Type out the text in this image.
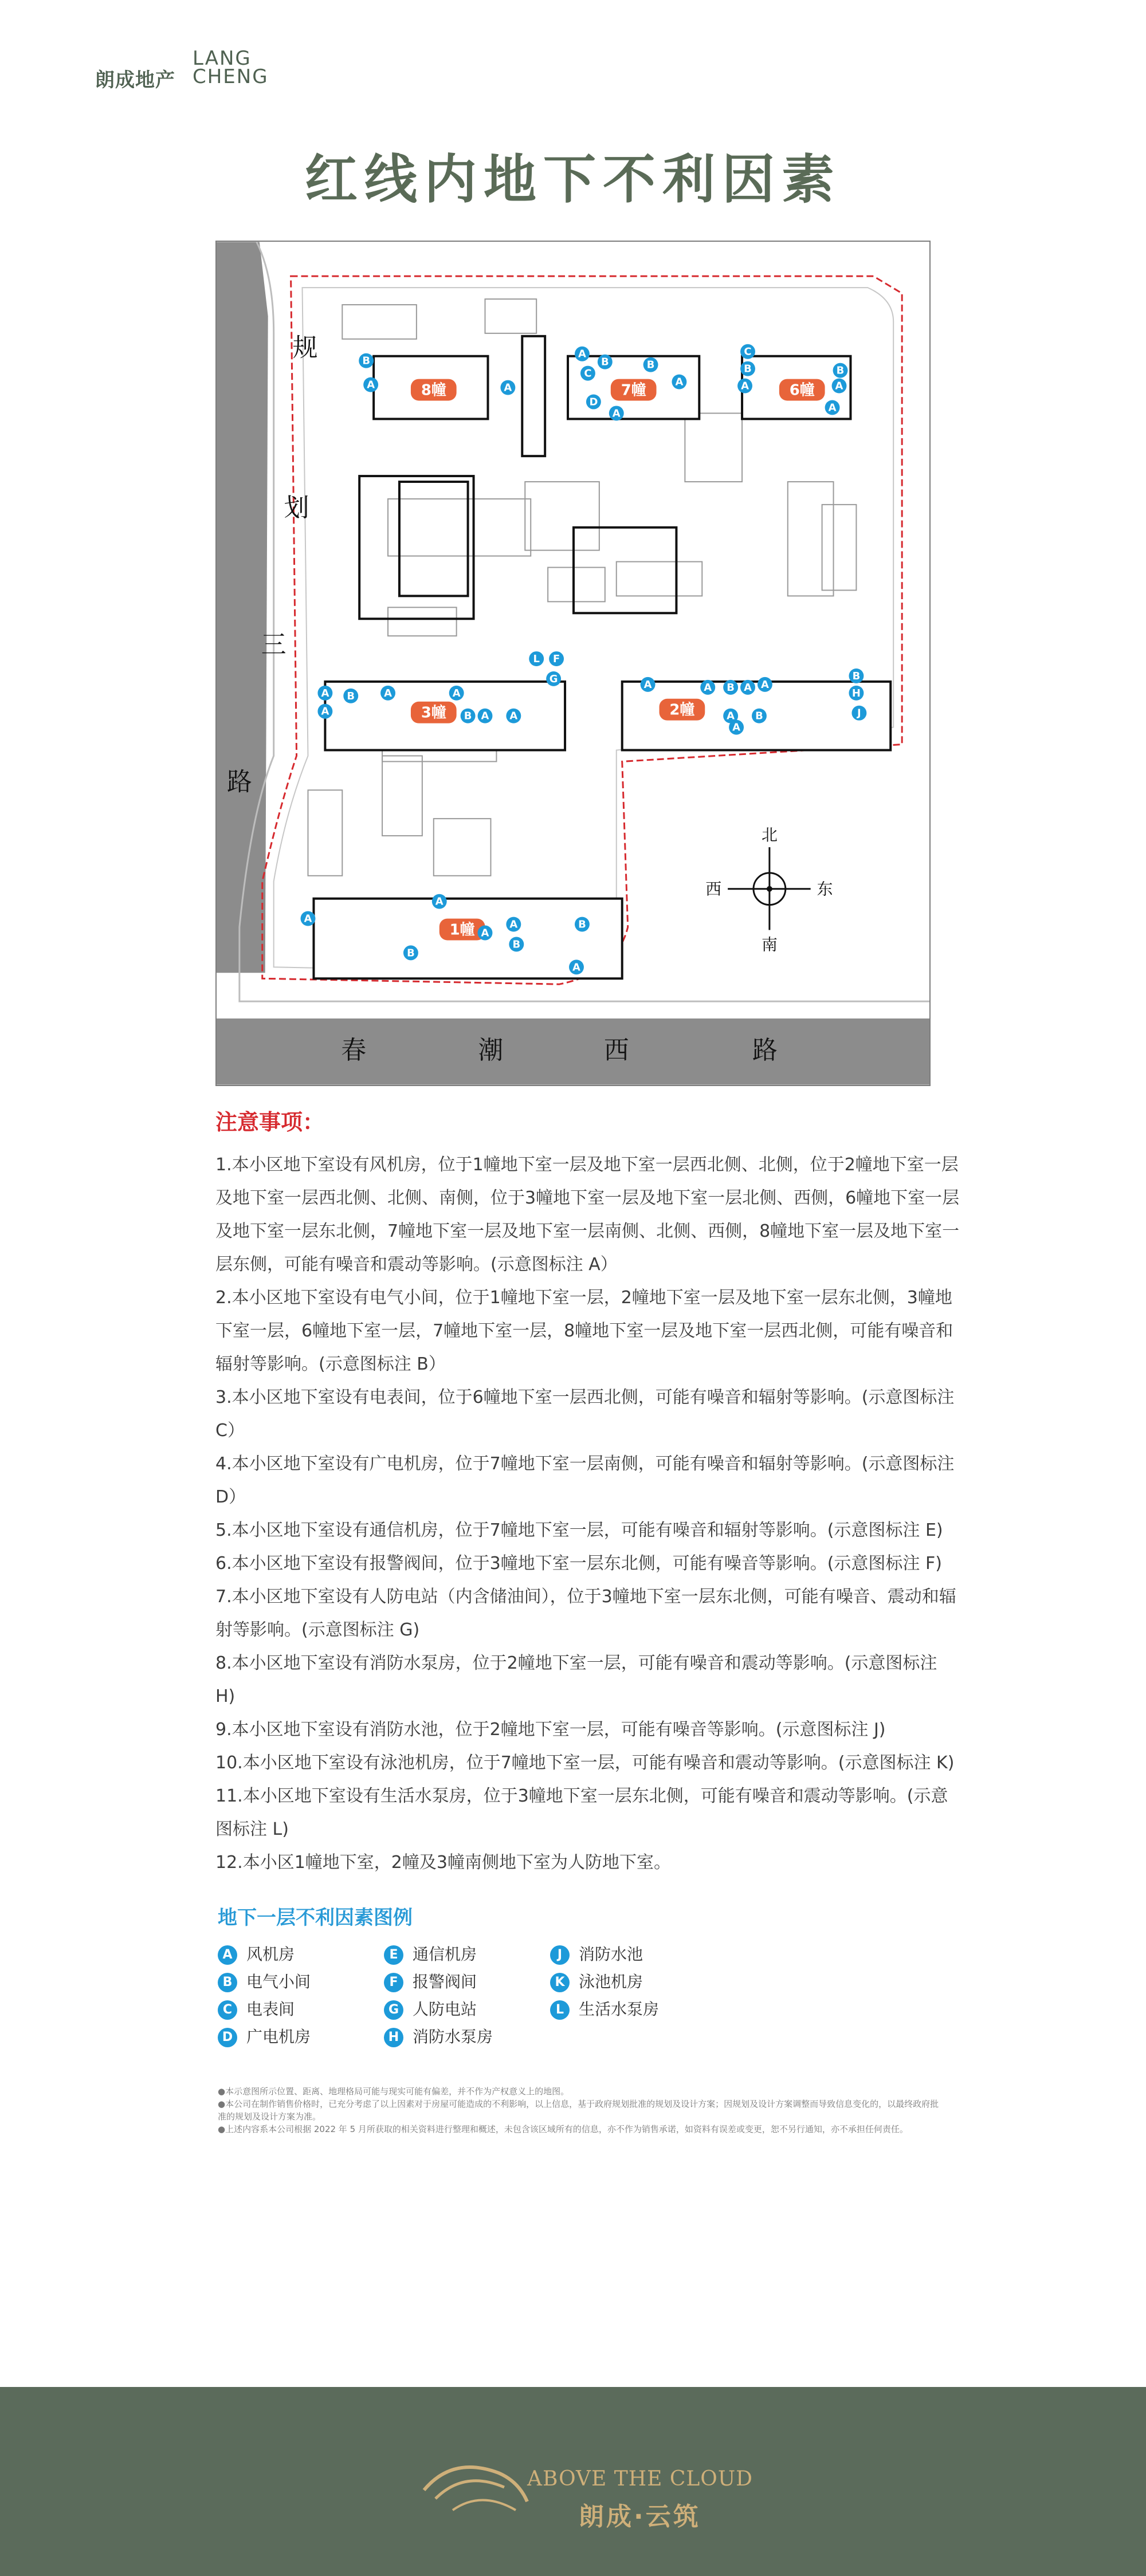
朗成地产
LANG
CHENG
红线内地下不利因素
8幢	7幢	6幢
3幢	2幢
1幢
B
A	A
A
C
B
D
A
A
B
C
B
A	A
B
A
A
A
B	A	A
B A A
L F
G	A	A B A A
A B
H
J
B
A
A
A
B
A
B
A	B
A
规
划
三
路
春	潮	西	路
北
南
东
西
注意事项：

1.本小区地下室设有风机房，位于1幢地下室一层及地下室一层西北侧、北侧，位于2幢地下室一层及地下室一层西北侧、北侧、南侧，位于3幢地下室一层及地下室一层北侧、西侧，6幢地下室一层及地下室一层东北侧，7幢地下室一层及地下室一层南侧、北侧、西侧，8幢地下室一层及地下室一层东侧，可能有噪音和震动等影响。(示意图标注 A）

2.本小区地下室设有电气小间，位于1幢地下室一层，2幢地下室一层及地下室一层东北侧，3幢地下室一层，6幢地下室一层，7幢地下室一层，8幢地下室一层及地下室一层西北侧，可能有噪音和辐射等影响。(示意图标注 B）

3.本小区地下室设有电表间，位于6幢地下室一层西北侧，可能有噪音和辐射等影响。(示意图标注 C）

4.本小区地下室设有广电机房，位于7幢地下室一层南侧，可能有噪音和辐射等影响。(示意图标注 D）

5.本小区地下室设有通信机房，位于7幢地下室一层，可能有噪音和辐射等影响。(示意图标注 E)

6.本小区地下室设有报警阀间，位于3幢地下室一层东北侧，可能有噪音等影响。(示意图标注 F)

7.本小区地下室设有人防电站（内含储油间），位于3幢地下室一层东北侧，可能有噪音、震动和辐射等影响。(示意图标注 G)

8.本小区地下室设有消防水泵房，位于2幢地下室一层，可能有噪音和震动等影响。(示意图标注 H)

9.本小区地下室设有消防水池，位于2幢地下室一层，可能有噪音等影响。(示意图标注 J)

10.本小区地下室设有泳池机房，位于7幢地下室一层，可能有噪音和震动等影响。(示意图标注 K)

11.本小区地下室设有生活水泵房，位于3幢地下室一层东北侧，可能有噪音和震动等影响。(示意图标注 L)

12.本小区1幢地下室，2幢及3幢南侧地下室为人防地下室。

地下一层不利因素图例
A 风机房
B 电气小间
C 电表间
D 广电机房
E 通信机房
F 报警阀间
G 人防电站
H 消防水泵房
J 消防水池
K 泳池机房
L 生活水泵房
●本示意图所示位置、距离、地理格局可能与现实可能有偏差，并不作为产权意义上的地图。
●本公司在制作销售价格时，已充分考虑了以上因素对于房屋可能造成的不利影响，以上信息，基于政府规划批准的规划及设计方案；因规划及设计方案调整而导致信息变化的，以最终政府批准的规划及设计方案为准。
●上述内容系本公司根据 2022 年 5 月所获取的相关资料进行整理和概述，未包含该区域所有的信息，亦不作为销售承诺，如资料有误差或变更，恕不另行通知，亦不承担任何责任。
ABOVE THE CLOUD
朗成·云筑
